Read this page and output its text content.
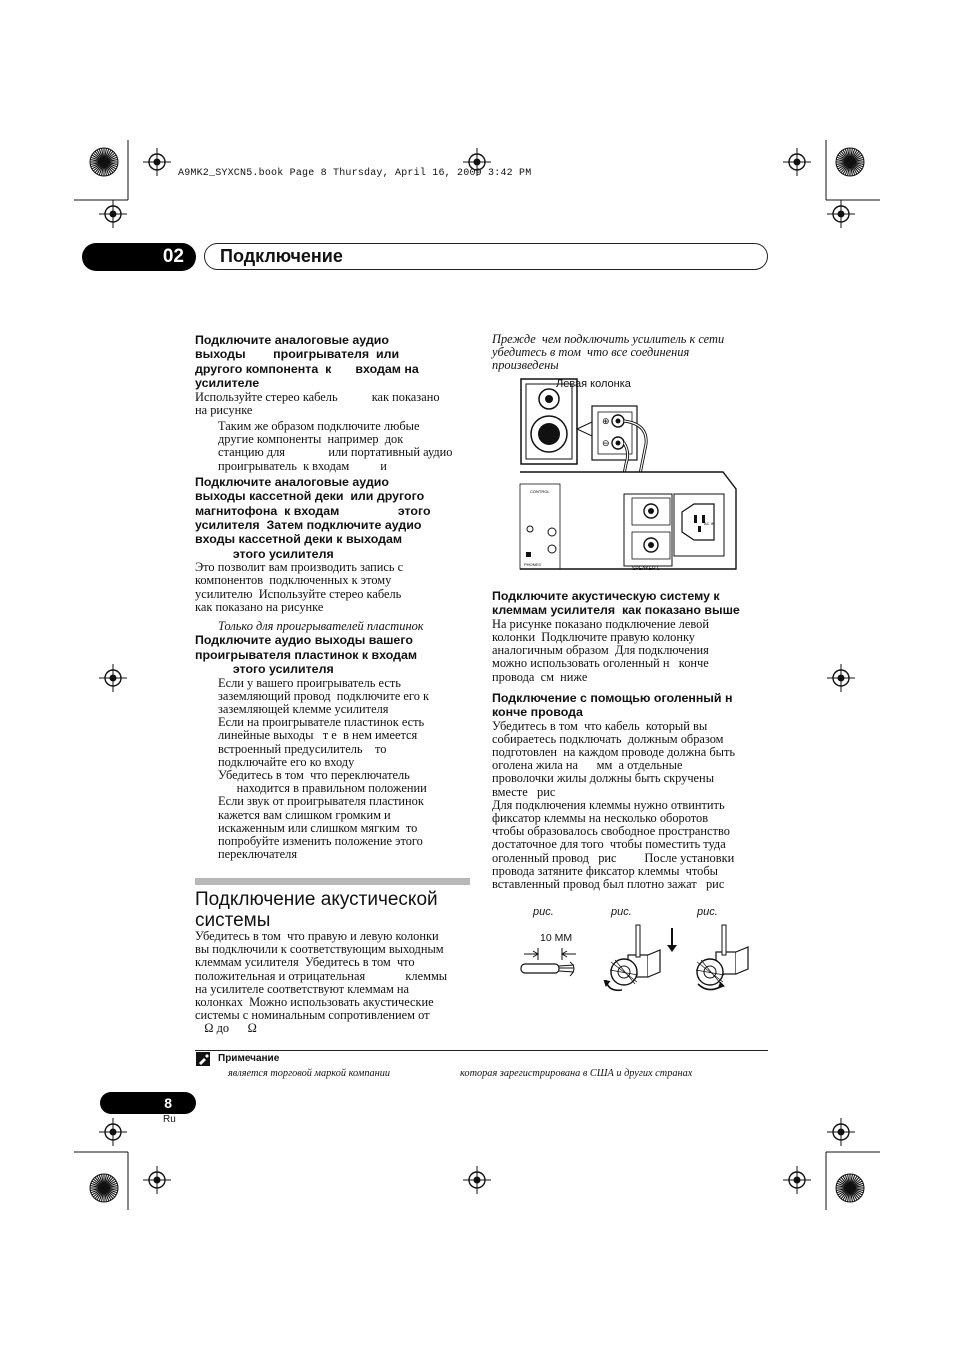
A9MK2_SYXCN5.book Page 8 Thursday, April 16, 2009 3:42 PM
02	Подключение
Подключите аналоговые аудио
выходы        проигрывателя  или
другого компонента  к       входам на
усилителе
Используйте стерео кабель           как показано
на рисунке
Таким же образом подключите любые
другие компоненты  например  док
станцию для              или портативный аудио
проигрыватель  к входам          и
Подключите аналоговые аудио
выходы кассетной деки  или другого
магнитофона  к входам                 этого
усилителя  Затем подключите аудио
входы кассетной деки к выходам
этого усилителя
Это позволит вам производить запись с
компонентов  подключенных к этому
усилителю  Используйте стерео кабель
как показано на рисунке
Только для проигрывателей пластинок
Подключите аудио выходы вашего
проигрывателя пластинок к входам
этого усилителя
Если у вашего проигрыватель есть
заземляющий провод  подключите его к
заземляющей клемме усилителя
Если на проигрывателе пластинок есть
линейные выходы   т е  в нем имеется
встроенный предусилитель    то
подключайте его ко входу
Убедитесь в том  что переключатель
находится в правильном положении
Если звук от проигрывателя пластинок
кажется вам слишком громким и
искаженным или слишком мягким  то
попробуйте изменить положение этого
переключателя
Подключение акустической
системы
Убедитесь в том  что правую и левую колонки
вы подключили к соответствующим выходным
клеммам усилителя  Убедитесь в том  что
положительная и отрицательная             клеммы
на усилителе соответствуют клеммам на
колонках  Можно использовать акустические
системы с номинальным сопротивлением от
Ω до      Ω
Прежде  чем подключить усилитель к сети
убедитесь в том  что все соединения
произведены
⊕
⊖
CONTROL
PHONES
SPEAKER L
AC IN
Левая колонка
Подключите акустическую систему к
клеммам усилителя  как показано выше
На рисунке показано подключение левой
колонки  Подключите правую колонку
аналогичным образом  Для подключения
можно использовать оголенный н   конче
провода  см  ниже
Подключение с помощью оголенный н
конче провода
Убедитесь в том  что кабель  который вы
собираетесь подключать  должным образом
подготовлен  на каждом проводе должна быть
оголена жила на      мм  а отдельные
проволочки жилы должны быть скручены
вместе   рис
Для подключения клеммы нужно отвинтить
фиксатор клеммы на несколько оборотов
чтобы образовалось свободное пространство
достаточное для того  чтобы поместить туда
оголенный провод   рис         После установки
провода затяните фиксатор клеммы  чтобы
вставленный провод был плотно зажат   рис
рис.	рис.	рис.
10 ММ
Примечание
является торговой маркой компании	которая зарегистрирована в США и других странах
8
Ru
